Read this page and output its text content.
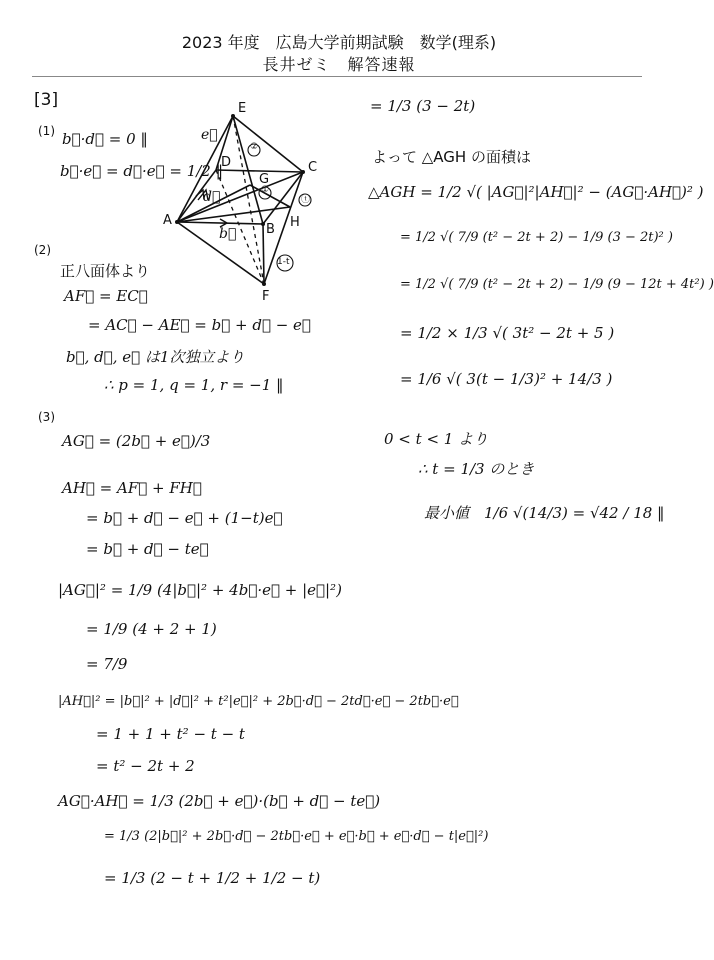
2023 年度　広島大学前期試験　数学(理系)
長井ゼミ　解答速報
E
C
D
A
B
F
H
G
e⃗
d⃗
b⃗
②
①
ⓣ
1-t
[3]
(1) b⃗·d⃗ = 0 ‖
b⃗·e⃗ = d⃗·e⃗ = 1/2 ‖
(2)
正八面体より
AF⃗ = EC⃗
= AC⃗ − AE⃗ = b⃗ + d⃗ − e⃗
b⃗, d⃗, e⃗ は1次独立より
∴ p = 1, q = 1, r = −1 ‖
(3)
AG⃗ = (2b⃗ + e⃗)/3
AH⃗ = AF⃗ + FH⃗
= b⃗ + d⃗ − e⃗ + (1−t)e⃗
= b⃗ + d⃗ − te⃗
|AG⃗|² = 1/9 (4|b⃗|² + 4b⃗·e⃗ + |e⃗|²)
= 1/9 (4 + 2 + 1)
= 7/9
|AH⃗|² = |b⃗|² + |d⃗|² + t²|e⃗|² + 2b⃗·d⃗ − 2td⃗·e⃗ − 2tb⃗·e⃗
= 1 + 1 + t² − t − t
= t² − 2t + 2
AG⃗·AH⃗ = 1/3 (2b⃗ + e⃗)·(b⃗ + d⃗ − te⃗)
= 1/3 (2|b⃗|² + 2b⃗·d⃗ − 2tb⃗·e⃗ + e⃗·b⃗ + e⃗·d⃗ − t|e⃗|²)
= 1/3 (2 − t + 1/2 + 1/2 − t)
= 1/3 (3 − 2t)
よって △AGH の面積は
△AGH = 1/2 √( |AG⃗|²|AH⃗|² − (AG⃗·AH⃗)² )
= 1/2 √( 7/9 (t² − 2t + 2) − 1/9 (3 − 2t)² )
= 1/2 √( 7/9 (t² − 2t + 2) − 1/9 (9 − 12t + 4t²) )
= 1/2 × 1/3 √( 3t² − 2t + 5 )
= 1/6 √( 3(t − 1/3)² + 14/3 )
0 < t < 1 より
∴ t = 1/3 のとき
最小値　1/6 √(14/3) = √42 / 18 ‖
